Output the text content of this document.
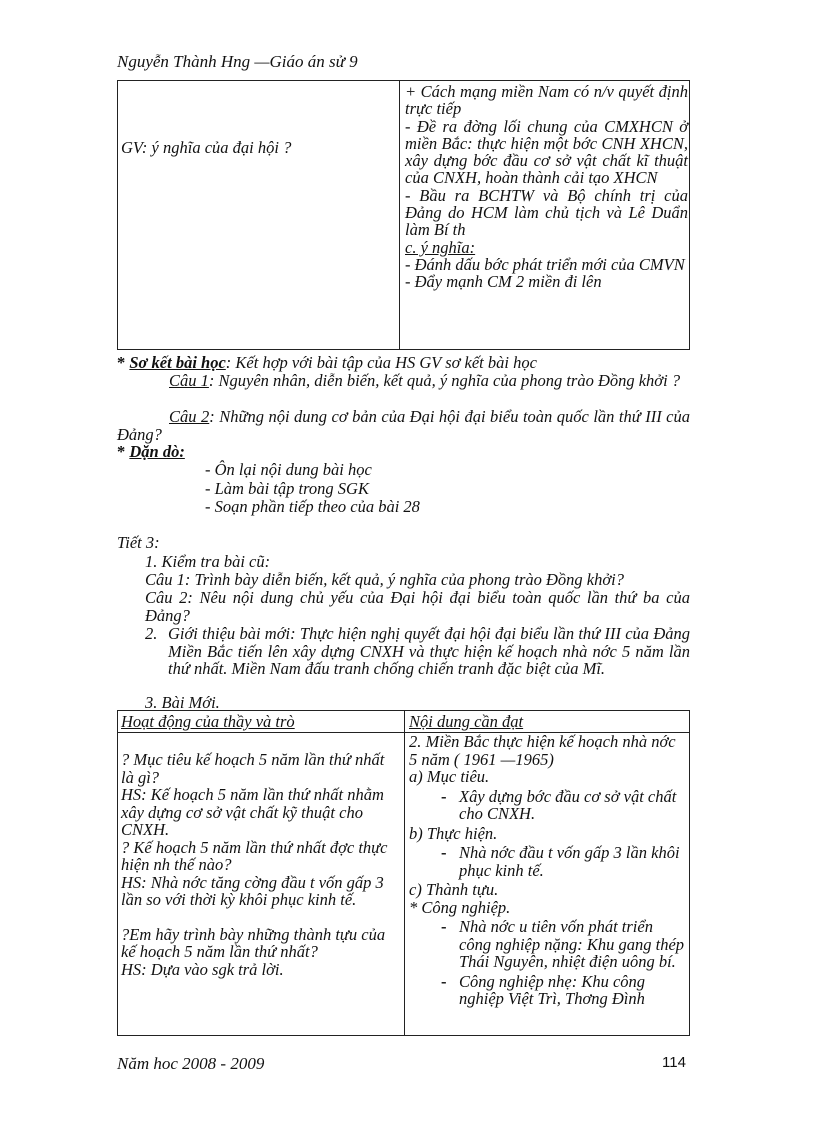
Nguyễn Thành Hng —Giáo án sử 9
GV: ý nghĩa của đại hội ?

+ Cách mạng miền Nam có n/v quyết định trực tiếp

- Đề ra đờng lối chung của CMXHCN ở miền Bắc: thực hiện một bớc CNH XHCN, xây dựng bớc đầu cơ sở vật chất kĩ thuật của CNXH, hoàn thành cải tạo XHCN

- Bầu ra BCHTW và Bộ chính trị của Đảng do HCM làm chủ tịch và Lê Duẩn làm Bí th

c. ý nghĩa:

- Đánh dấu bớc phát triển mới của CMVN

- Đẩy mạnh CM 2 miền đi lên

* Sơ kết bài học: Kết hợp với bài tập của HS GV sơ kết bài học

Câu 1: Nguyên nhân, diễn biến, kết quả, ý nghĩa của phong trào Đồng khởi ?

Câu 2: Những nội dung cơ bản của Đại hội đại biểu toàn quốc lần thứ III của Đảng?

* Dặn dò:
- Ôn lại nội dung bài học
- Làm bài tập trong SGK
- Soạn phần tiếp theo của bài 28
Tiết 3:
1. Kiểm tra bài cũ:
Câu 1: Trình bày diễn biến, kết quả, ý nghĩa của phong trào Đồng khởi?

Câu 2: Nêu nội dung chủ yếu của Đại hội đại biểu toàn quốc lần thứ ba của Đảng?

2. Giới thiệu bài mới: Thực hiện nghị quyết đại hội đại biểu lần thứ III của Đảng Miền Bắc tiến lên xây dựng CNXH và thực hiện kế hoạch nhà nớc 5 năm lần thứ nhất. Miền Nam đấu tranh chống chiến tranh đặc biệt của Mĩ.

3. Bài Mới.
Hoạt động của thầy và trò	Nội dung cần đạt

? Mục tiêu kế hoạch 5 năm lần thứ nhất là gì?

HS: Kế hoạch 5 năm lần thứ nhất nhằm xây dựng cơ sở vật chất kỹ thuật cho CNXH.

? Kế hoạch 5 năm lần thứ nhất đợc thực hiện nh thế nào?

HS: Nhà nớc tăng cờng đầu t vốn gấp 3 lần so với thời kỳ khôi phục kinh tế.

?Em hãy trình bày những thành tựu của kế hoạch 5 năm lần thứ nhất?

HS: Dựa vào sgk trả lời.

2. Miền Bắc thực hiện kế hoạch nhà nớc 5 năm ( 1961 —1965)

a) Mục tiêu.

- Xây dựng bớc đầu cơ sở vật chất cho CNXH.

b) Thực hiện.

- Nhà nớc đầu t vốn gấp 3 lần khôi phục kinh tế.

c) Thành tựu.

* Công nghiệp.

- Nhà nớc u tiên vốn phát triển công nghiệp nặng: Khu gang thép Thái Nguyên, nhiệt điện uông bí.

- Công nghiệp nhẹ: Khu công nghiệp Việt Trì, Thơng Đình

Năm hoc 2008 - 2009	114
